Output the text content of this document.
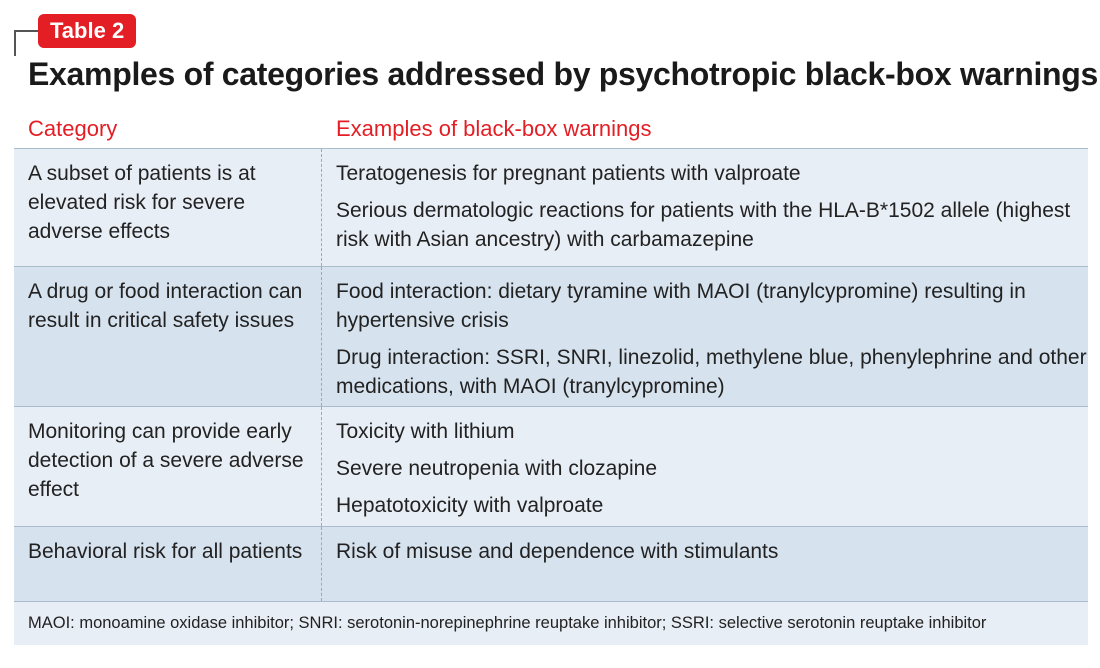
Table 2
Examples of categories addressed by psychotropic black-box warnings
Category	Examples of black-box warnings
A subset of patients is at elevated risk for severe adverse effects
Teratogenesis for pregnant patients with valproate
Serious dermatologic reactions for patients with the HLA-B*1502 allele (highest risk with Asian ancestry) with carbamazepine
A drug or food interaction can result in critical safety issues
Food interaction: dietary tyramine with MAOI (tranylcypromine) resulting in hypertensive crisis
Drug interaction: SSRI, SNRI, linezolid, methylene blue, phenylephrine and other medications, with MAOI (tranylcypromine)
Monitoring can provide early detection of a severe adverse effect
Toxicity with lithium
Severe neutropenia with clozapine
Hepatotoxicity with valproate
Behavioral risk for all patients	Risk of misuse and dependence with stimulants
MAOI: monoamine oxidase inhibitor; SNRI: serotonin-norepinephrine reuptake inhibitor; SSRI: selective serotonin reuptake inhibitor
